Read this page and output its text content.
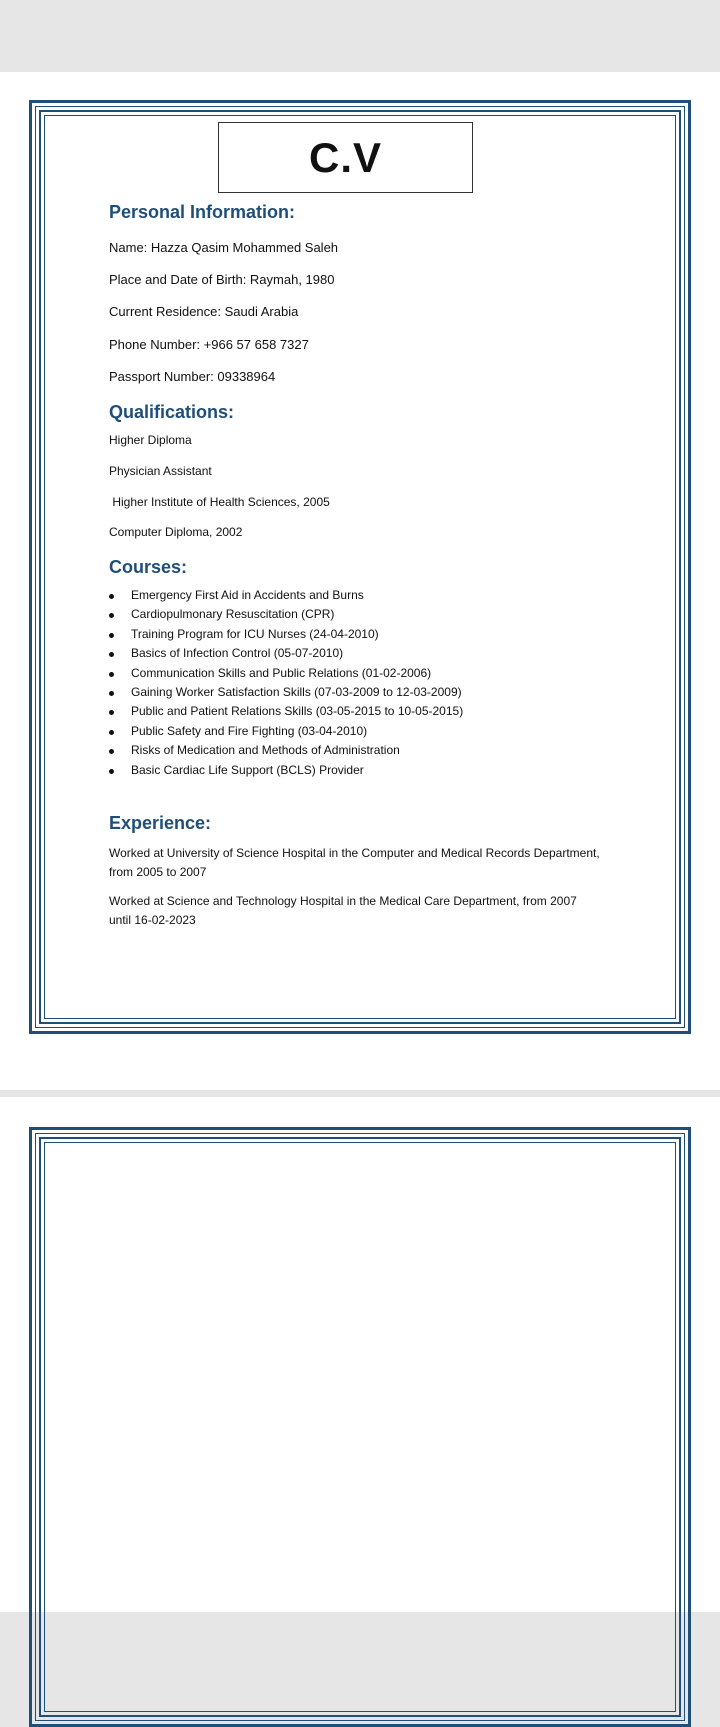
C.V
Personal Information:
Name: Hazza Qasim Mohammed Saleh
Place and Date of Birth: Raymah, 1980
Current Residence: Saudi Arabia
Phone Number: +966 57 658 7327
Passport Number: 09338964
Qualifications:
Higher Diploma
Physician Assistant
Higher Institute of Health Sciences, 2005
Computer Diploma, 2002
Courses:
Emergency First Aid in Accidents and Burns
Cardiopulmonary Resuscitation (CPR)
Training Program for ICU Nurses (24-04-2010)
Basics of Infection Control (05-07-2010)
Communication Skills and Public Relations (01-02-2006)
Gaining Worker Satisfaction Skills (07-03-2009 to 12-03-2009)
Public and Patient Relations Skills (03-05-2015 to 10-05-2015)
Public Safety and Fire Fighting (03-04-2010)
Risks of Medication and Methods of Administration
Basic Cardiac Life Support (BCLS) Provider
Experience:

Worked at University of Science Hospital in the Computer and Medical Records Department, from 2005 to 2007

Worked at Science and Technology Hospital in the Medical Care Department, from 2007 until 16-02-2023
